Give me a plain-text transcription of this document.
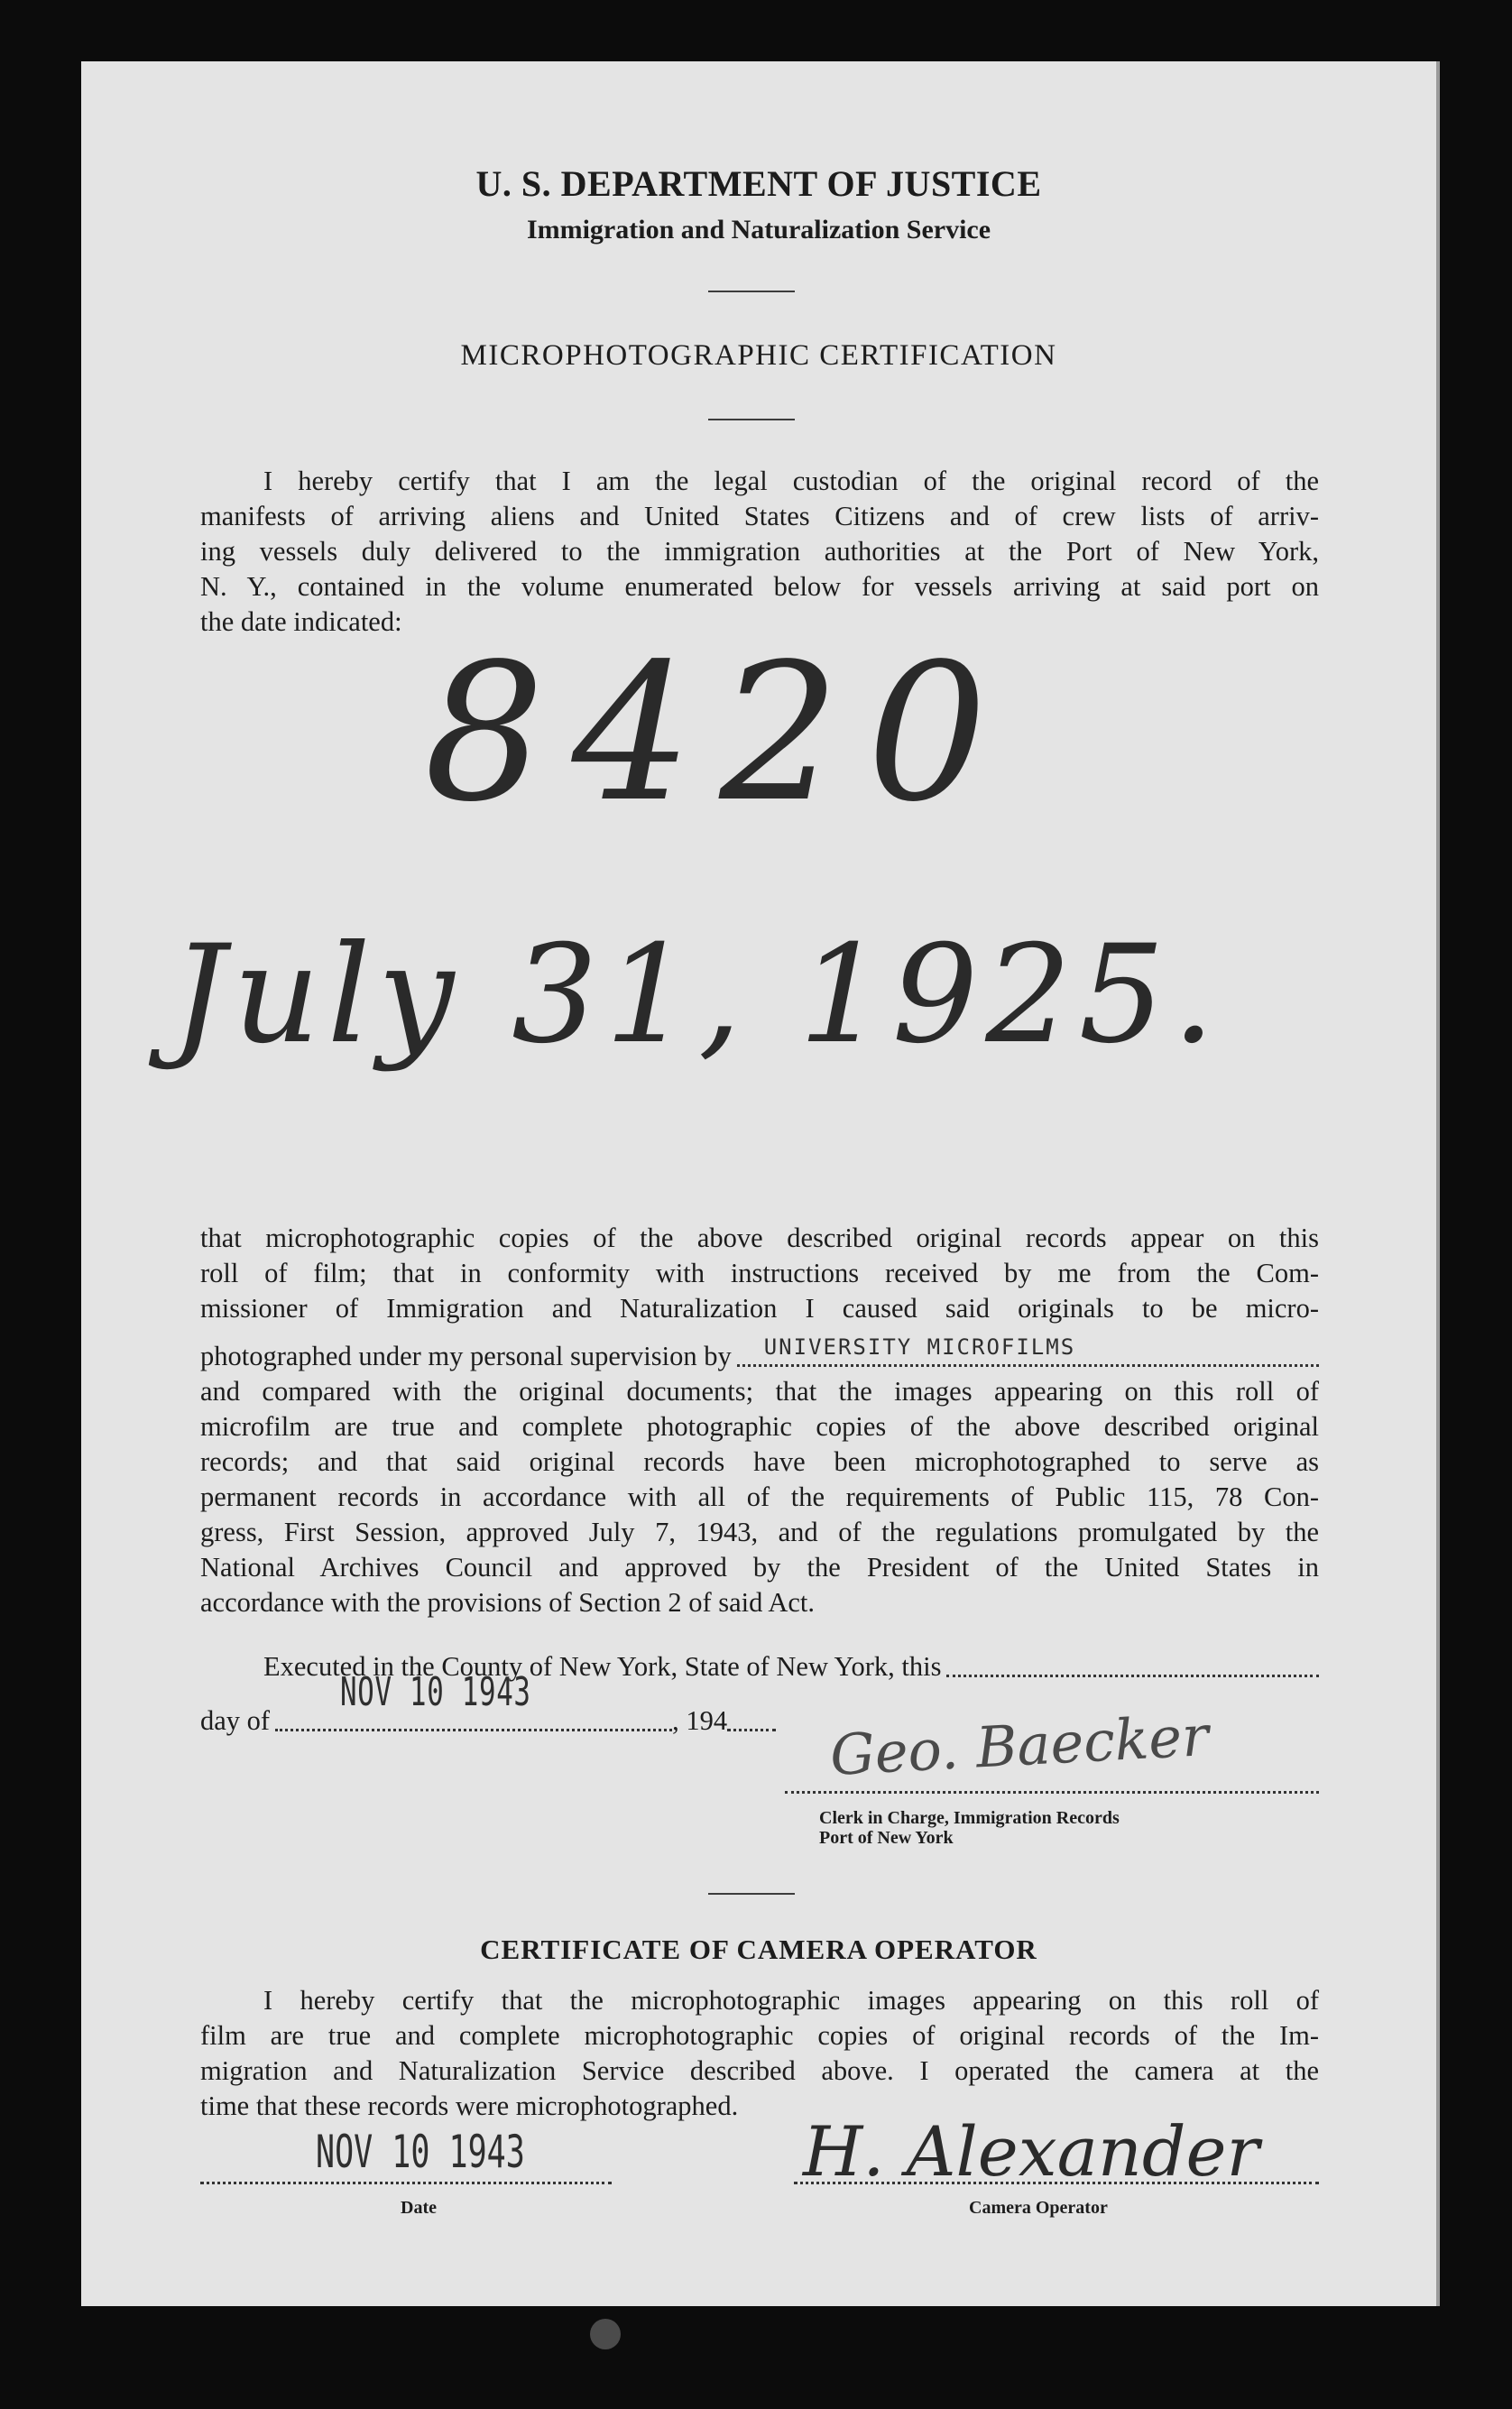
U. S. DEPARTMENT OF JUSTICE
Immigration and Naturalization Service
MICROPHOTOGRAPHIC CERTIFICATION
I hereby certify that I am the legal custodian of the original record of the
manifests of arriving aliens and United States Citizens and of crew lists of arriv-
ing vessels duly delivered to the immigration authorities at the Port of New York,
N. Y., contained in the volume enumerated below for vessels arriving at said port on
the date indicated:
8420
July 31, 1925.
that microphotographic copies of the above described original records appear on this
roll of film; that in conformity with instructions received by me from the Com-
missioner of Immigration and Naturalization I caused said originals to be micro-
photographed under my personal supervision by UNIVERSITY MICROFILMS
and compared with the original documents; that the images appearing on this roll of
microfilm are true and complete photographic copies of the above described original
records; and that said original records have been microphotographed to serve as
permanent records in accordance with all of the requirements of Public 115, 78 Con-
gress, First Session, approved July 7, 1943, and of the regulations promulgated by the
National Archives Council and approved by the President of the United States in
accordance with the provisions of Section 2 of said Act.
Executed in the County of New York, State of New York, this
day of
NOV 10 1943
, 194 Geo. Baecker
Clerk in Charge, Immigration Records
Port of New York
CERTIFICATE OF CAMERA OPERATOR
I hereby certify that the microphotographic images appearing on this roll of
film are true and complete microphotographic copies of original records of the Im-
migration and Naturalization Service described above. I operated the camera at the
time that these records were microphotographed.
NOV 10 1943
Date
H. Alexander
Camera Operator
